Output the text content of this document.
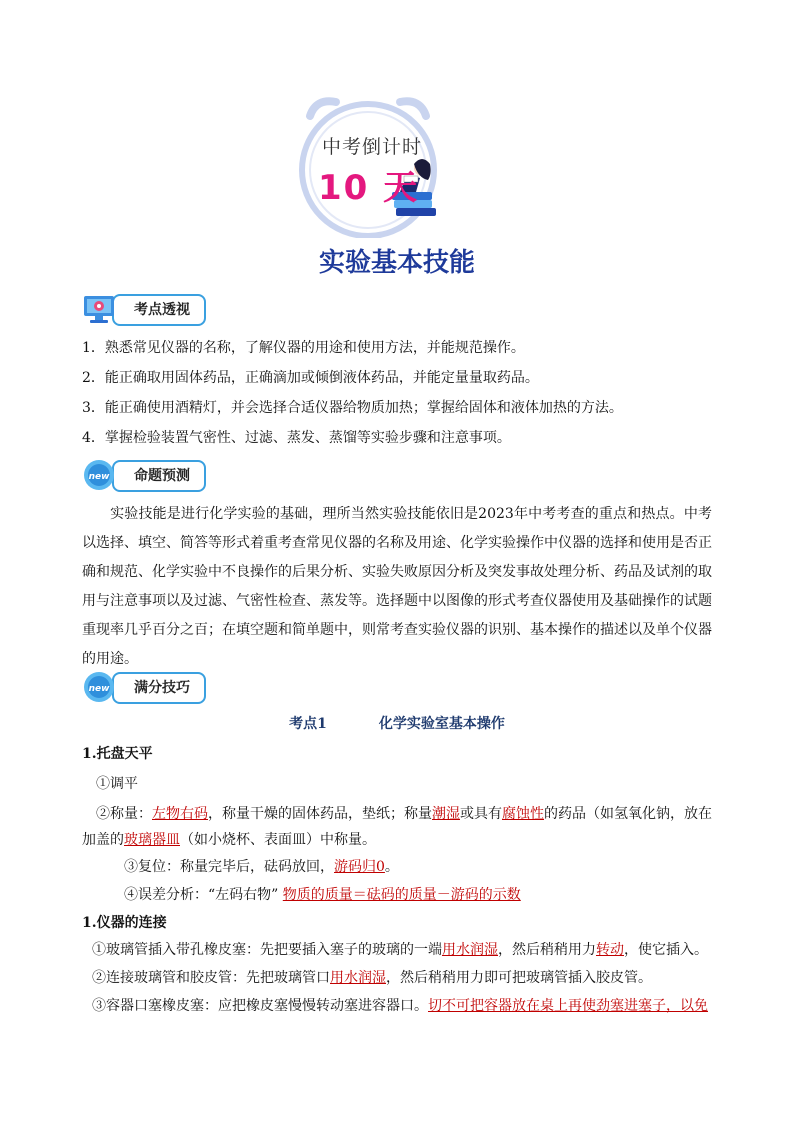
中考倒计时
10 天
实验基本技能
考点透视
1．熟悉常见仪器的名称，了解仪器的用途和使用方法，并能规范操作。
2．能正确取用固体药品，正确滴加或倾倒液体药品，并能定量量取药品。
3．能正确使用酒精灯，并会选择合适仪器给物质加热；掌握给固体和液体加热的方法。
4．掌握检验装置气密性、过滤、蒸发、蒸馏等实验步骤和注意事项。
命题预测
new
实验技能是进行化学实验的基础，理所当然实验技能依旧是2023年中考考查的重点和热点。中考以选择、填空、简答等形式着重考查常见仪器的名称及用途、化学实验操作中仪器的选择和使用是否正确和规范、化学实验中不良操作的后果分析、实验失败原因分析及突发事故处理分析、药品及试剂的取用与注意事项以及过滤、气密性检查、蒸发等。选择题中以图像的形式考查仪器使用及基础操作的试题重现率几乎百分之百；在填空题和简单题中，则常考查实验仪器的识别、基本操作的描述以及单个仪器的用途。
满分技巧
new
考点1	化学实验室基本操作
1.托盘天平
①调平
②称量：左物右码，称量干燥的固体药品，垫纸；称量潮湿或具有腐蚀性的药品（如氢氧化钠，放在
加盖的玻璃器皿（如小烧杯、表面皿）中称量。
③复位：称量完毕后，砝码放回，游码归0。
④误差分析：“左码右物” 物质的质量＝砝码的质量－游码的示数
1.仪器的连接
①玻璃管插入带孔橡皮塞：先把要插入塞子的玻璃的一端用水润湿，然后稍稍用力转动，使它插入。
②连接玻璃管和胶皮管：先把玻璃管口用水润湿，然后稍稍用力即可把玻璃管插入胶皮管。
③容器口塞橡皮塞：应把橡皮塞慢慢转动塞进容器口。切不可把容器放在桌上再使劲塞进塞子，以免
